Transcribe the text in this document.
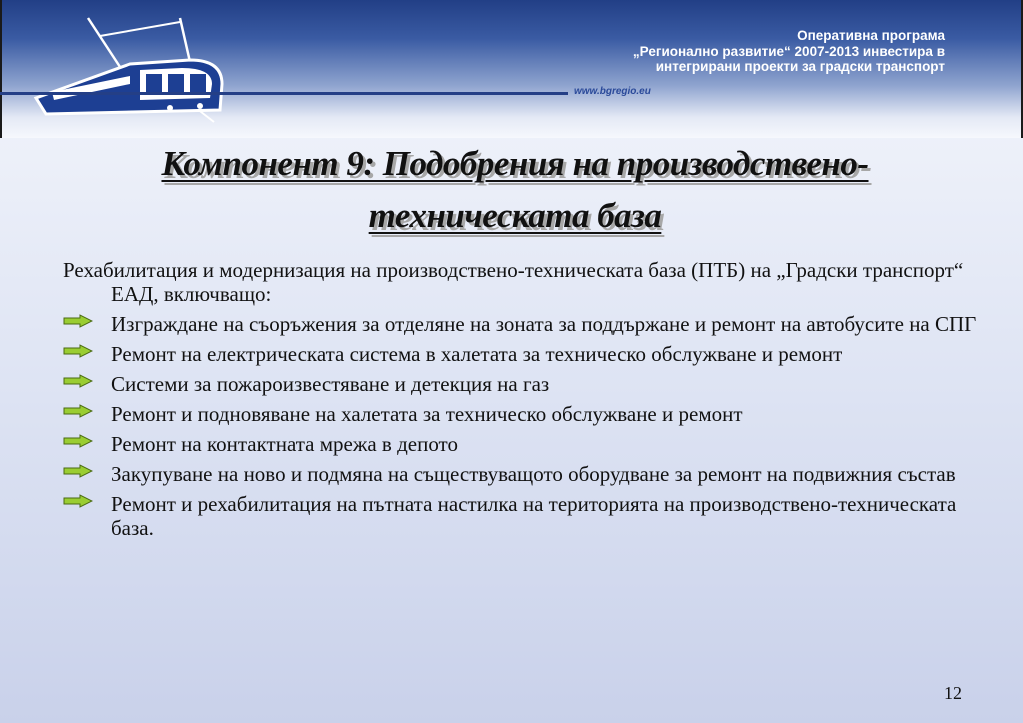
Оперативна програма
„Регионално развитие“ 2007-2013 инвестира в
интегрирани проекти за градски транспорт
www.bgregio.eu
Компонент 9: Подобрения на производствено-
техническата база

Рехабилитация и модернизация на производствено-техническата база (ПТБ) на „Градски транспорт“ ЕАД, включващо:

Изграждане на съоръжения за отделяне на зоната за поддържане и ремонт на автобусите на СПГ
Ремонт на електрическата система в халетата за техническо обслужване и ремонт
Системи за пожароизвестяване и детекция на газ
Ремонт и подновяване на халетата за техническо обслужване и ремонт
Ремонт на контактната мрежа в депото
Закупуване на ново и подмяна на съществуващото оборудване за ремонт на подвижния състав
Ремонт и рехабилитация на пътната настилка на територията на производствено-техническата база.
12
